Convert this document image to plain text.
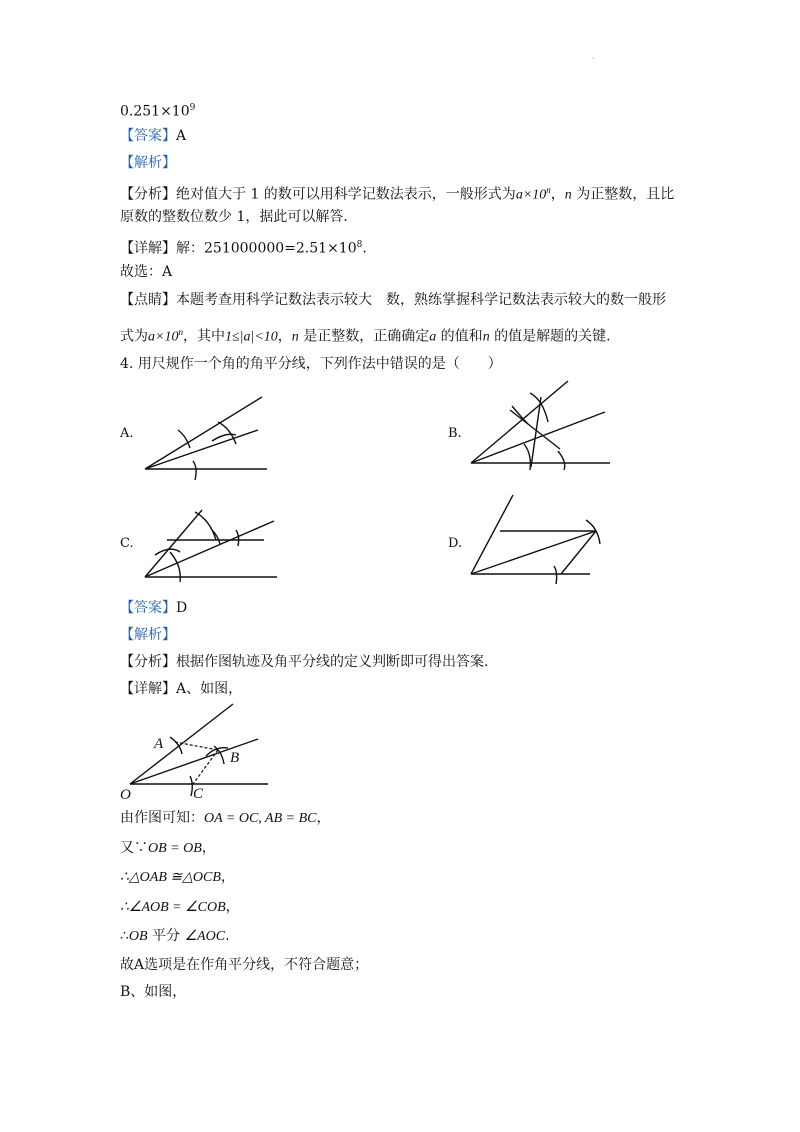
·
$0.251\times 10^9$
【答案】A
【解析】
【分析】绝对值大于 1 的数可以用科学记数法表示，一般形式为$a\times 10^n$，n 为正整数，且比
原数的整数位数少 1，据此可以解答.
【详解】解：$251000000=2.51\times 10^8$.
故选：A
【点睛】本题考查用科学记数法表示较大　数，熟练掌握科学记数法表示较大的数一般形
式为$a\times 10^n$，其中1≤|a|<10，n 是正整数，正确确定a 的值和n 的值是解题的关键.
4. 用尺规作一个角的角平分线，下列作法中错误的是（　　）
A.	B.
C.	D.
【答案】D
【解析】
【分析】根据作图轨迹及角平分线的定义判断即可得出答案.
【详解】A、如图，
A
B
C
O
由作图可知：OA = OC, AB = BC，
又∵OB = OB，
∴△OAB ≅△OCB，
∴∠AOB = ∠COB，
∴OB 平分 ∠AOC.
故A选项是在作角平分线，不符合题意；
B、如图，
